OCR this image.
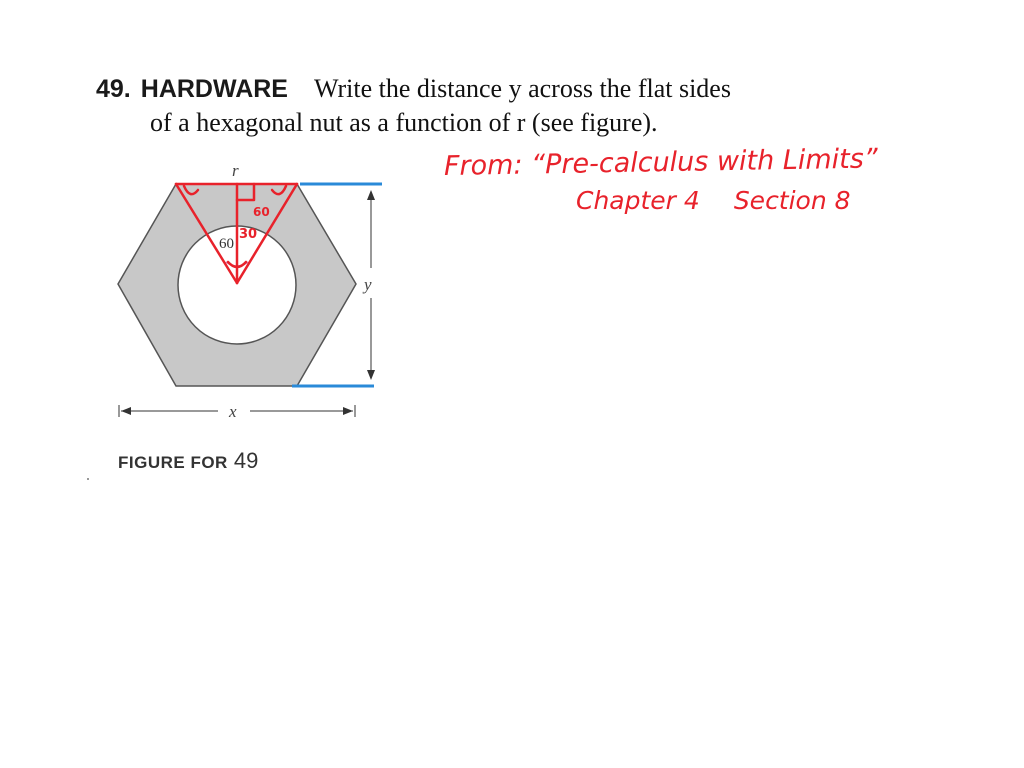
49. HARDWARE Write the distance y across the flat sides
of a hexagonal nut as a function of r (see figure).
From: “Pre-calculus with Limits”
Chapter 4 Section 8
r
y
x
60
60
30
FIGURE FOR 49
